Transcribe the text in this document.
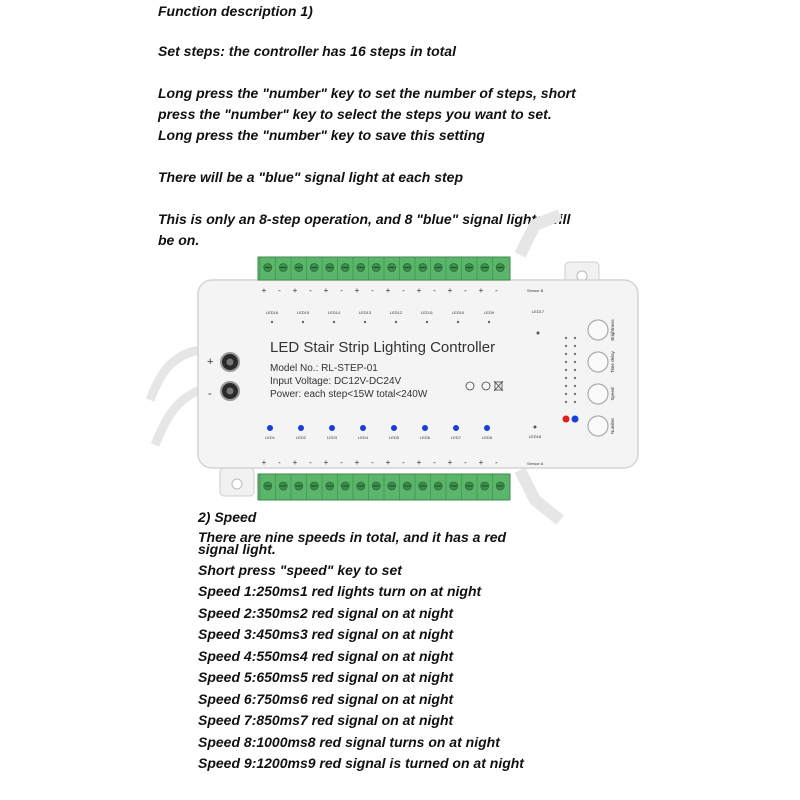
Function description 1)

Set steps: the controller has 16 steps in total

Long press the "number" key to set the number of steps, short

press the "number" key to select the steps you want to set.

Long press the "number" key to save this setting

There will be a "blue" signal light at each step

This is only an 8-step operation, and 8 "blue" signal lights will

be on.

+ - + - + - + - + - + - + - + -
+ - + - + - + - + - + - + - + -
LED16	LED15	LED14	LED13	LED12	LED11	LED10	LED9	LED17
Sensor B
Sensor A
+
-
LED Stair Strip Lighting Controller
Model No.: RL-STEP-01
Input Voltage: DC12V-DC24V
Power: each step<15W total<240W
LED1	LED2	LED3	LED4	LED5	LED6	LED7	LED8	LED18
Brightness
Time delay
Speed
Number

2) Speed

There are nine speeds in total, and it has a red

signal light.

Short press "speed" key to set

Speed 1:250ms1 red lights turn on at night

Speed 2:350ms2 red signal on at night

Speed 3:450ms3 red signal on at night

Speed 4:550ms4 red signal on at night

Speed 5:650ms5 red signal on at night

Speed 6:750ms6 red signal on at night

Speed 7:850ms7 red signal on at night

Speed 8:1000ms8 red signal turns on at night

Speed 9:1200ms9 red signal is turned on at night
